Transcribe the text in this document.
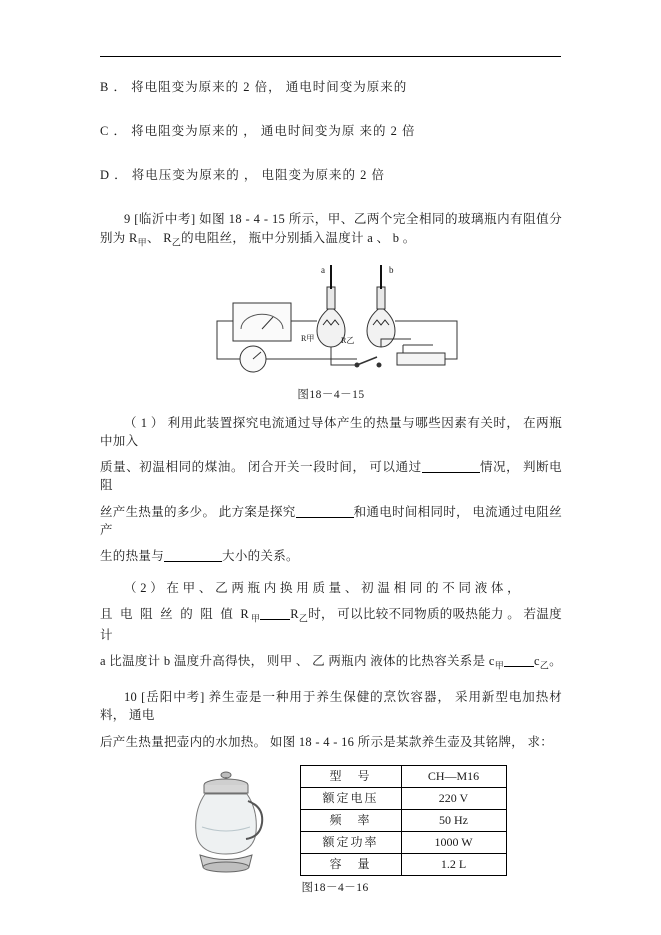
B ． 将电阻变为原来的 2 倍， 通电时间变为原来的

C ． 将电阻变为原来的 ， 通电时间变为原 来的 2 倍

D ． 将电压变为原来的 ， 电阻变为原来的 2 倍

9 [临沂中考] 如图 18 - 4 - 15 所示，甲、乙两个完全相同的玻璃瓶内有阻值分别为 $R_甲$、 $R_乙$的电阻丝， 瓶中分别插入温度计 a 、 b 。

a	b
R甲	R乙
图18－4－15

（ 1 ） 利用此装置探究电流通过导体产生的热量与哪些因素有关时， 在两瓶中加入

质量、初温相同的煤油。 闭合开关一段时间， 可以通过	情况， 判断电阻

丝产生热量的多少。 此方案是探究	和通电时间相同时， 电流通过电阻丝产

生的热量与	大小的关系。

（ 2 ） 在 甲 、 乙 两 瓶 内 换 用 质 量 、 初 温 相 同 的 不 同 液 体 ，

且 电 阻 丝 的 阻 值 $R_甲$ $R_乙$时， 可以比较不同物质的吸热能力 。 若温度计

a 比温度计 b 温度升高得快， 则甲 、 乙 两瓶内 液体的比热容关系是 $c_甲$ $c_乙$。

10 [岳阳中考] 养生壶是一种用于养生保健的烹饮容器， 采用新型电加热材料， 通电

后产生热量把壶内的水加热。 如图 18 - 4 - 16 所示是某款养生壶及其铭牌， 求：

型　号	CH—M16
额定电压	220 V
频　率	50 Hz
额定功率	1000 W
容　量	1.2 L
图18－4－16
